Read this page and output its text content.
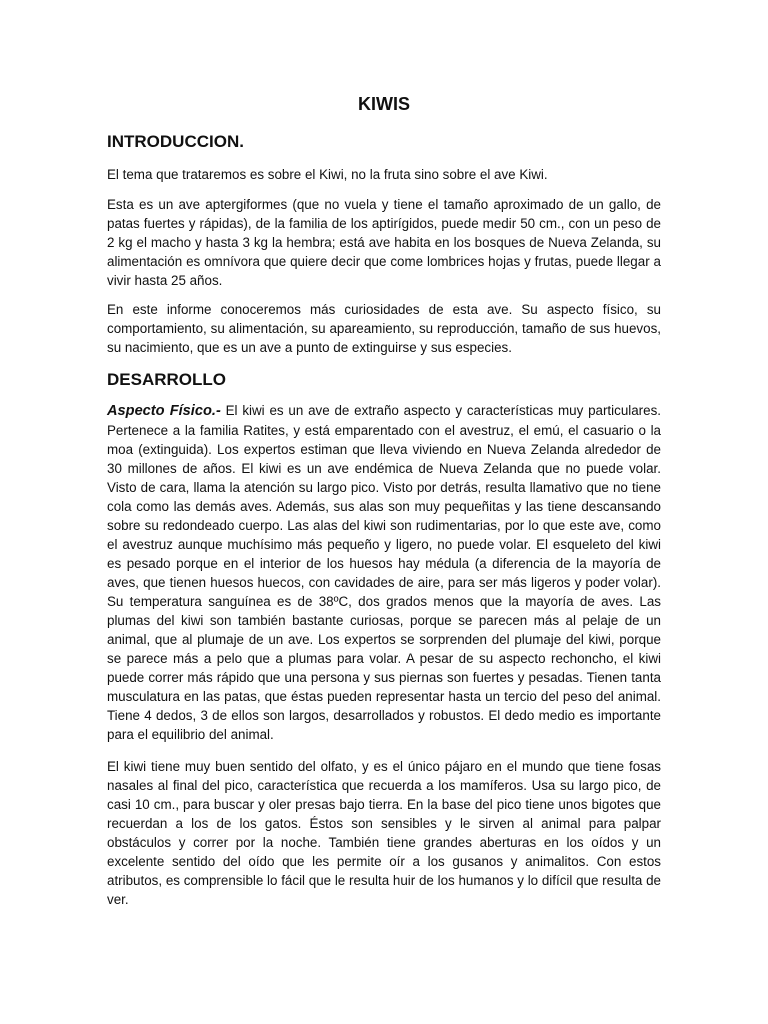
KIWIS
INTRODUCCION.

El tema que trataremos es sobre el Kiwi, no la fruta sino sobre el ave Kiwi.

Esta es un ave aptergiformes (que no vuela y tiene el tamaño aproximado de un gallo, de patas fuertes y rápidas), de la familia de los aptirígidos, puede medir 50 cm., con un peso de 2 kg el macho y hasta 3 kg la hembra; está ave habita en los bosques de Nueva Zelanda, su alimentación es omnívora que quiere decir que come lombrices hojas y frutas, puede llegar a vivir hasta 25 años.

En este informe conoceremos más curiosidades de esta ave. Su aspecto físico, su comportamiento, su alimentación, su apareamiento, su reproducción, tamaño de sus huevos, su nacimiento, que es un ave a punto de extinguirse y sus especies.

DESARROLLO

Aspecto Físico.- El kiwi es un ave de extraño aspecto y características muy particulares. Pertenece a la familia Ratites, y está emparentado con el avestruz, el emú, el casuario o la moa (extinguida). Los expertos estiman que lleva viviendo en Nueva Zelanda alrededor de 30 millones de años. El kiwi es un ave endémica de Nueva Zelanda que no puede volar. Visto de cara, llama la atención su largo pico. Visto por detrás, resulta llamativo que no tiene cola como las demás aves. Además, sus alas son muy pequeñitas y las tiene descansando sobre su redondeado cuerpo. Las alas del kiwi son rudimentarias, por lo que este ave, como el avestruz aunque muchísimo más pequeño y ligero, no puede volar. El esqueleto del kiwi es pesado porque en el interior de los huesos hay médula (a diferencia de la mayoría de aves, que tienen huesos huecos, con cavidades de aire, para ser más ligeros y poder volar). Su temperatura sanguínea es de 38ºC, dos grados menos que la mayoría de aves. Las plumas del kiwi son también bastante curiosas, porque se parecen más al pelaje de un animal, que al plumaje de un ave. Los expertos se sorprenden del plumaje del kiwi, porque se parece más a pelo que a plumas para volar. A pesar de su aspecto rechoncho, el kiwi puede correr más rápido que una persona y sus piernas son fuertes y pesadas. Tienen tanta musculatura en las patas, que éstas pueden representar hasta un tercio del peso del animal. Tiene 4 dedos, 3 de ellos son largos, desarrollados y robustos. El dedo medio es importante para el equilibrio del animal.

El kiwi tiene muy buen sentido del olfato, y es el único pájaro en el mundo que tiene fosas nasales al final del pico, característica que recuerda a los mamíferos. Usa su largo pico, de casi 10 cm., para buscar y oler presas bajo tierra. En la base del pico tiene unos bigotes que recuerdan a los de los gatos. Éstos son sensibles y le sirven al animal para palpar obstáculos y correr por la noche. También tiene grandes aberturas en los oídos y un excelente sentido del oído que les permite oír a los gusanos y animalitos. Con estos atributos, es comprensible lo fácil que le resulta huir de los humanos y lo difícil que resulta de ver.
